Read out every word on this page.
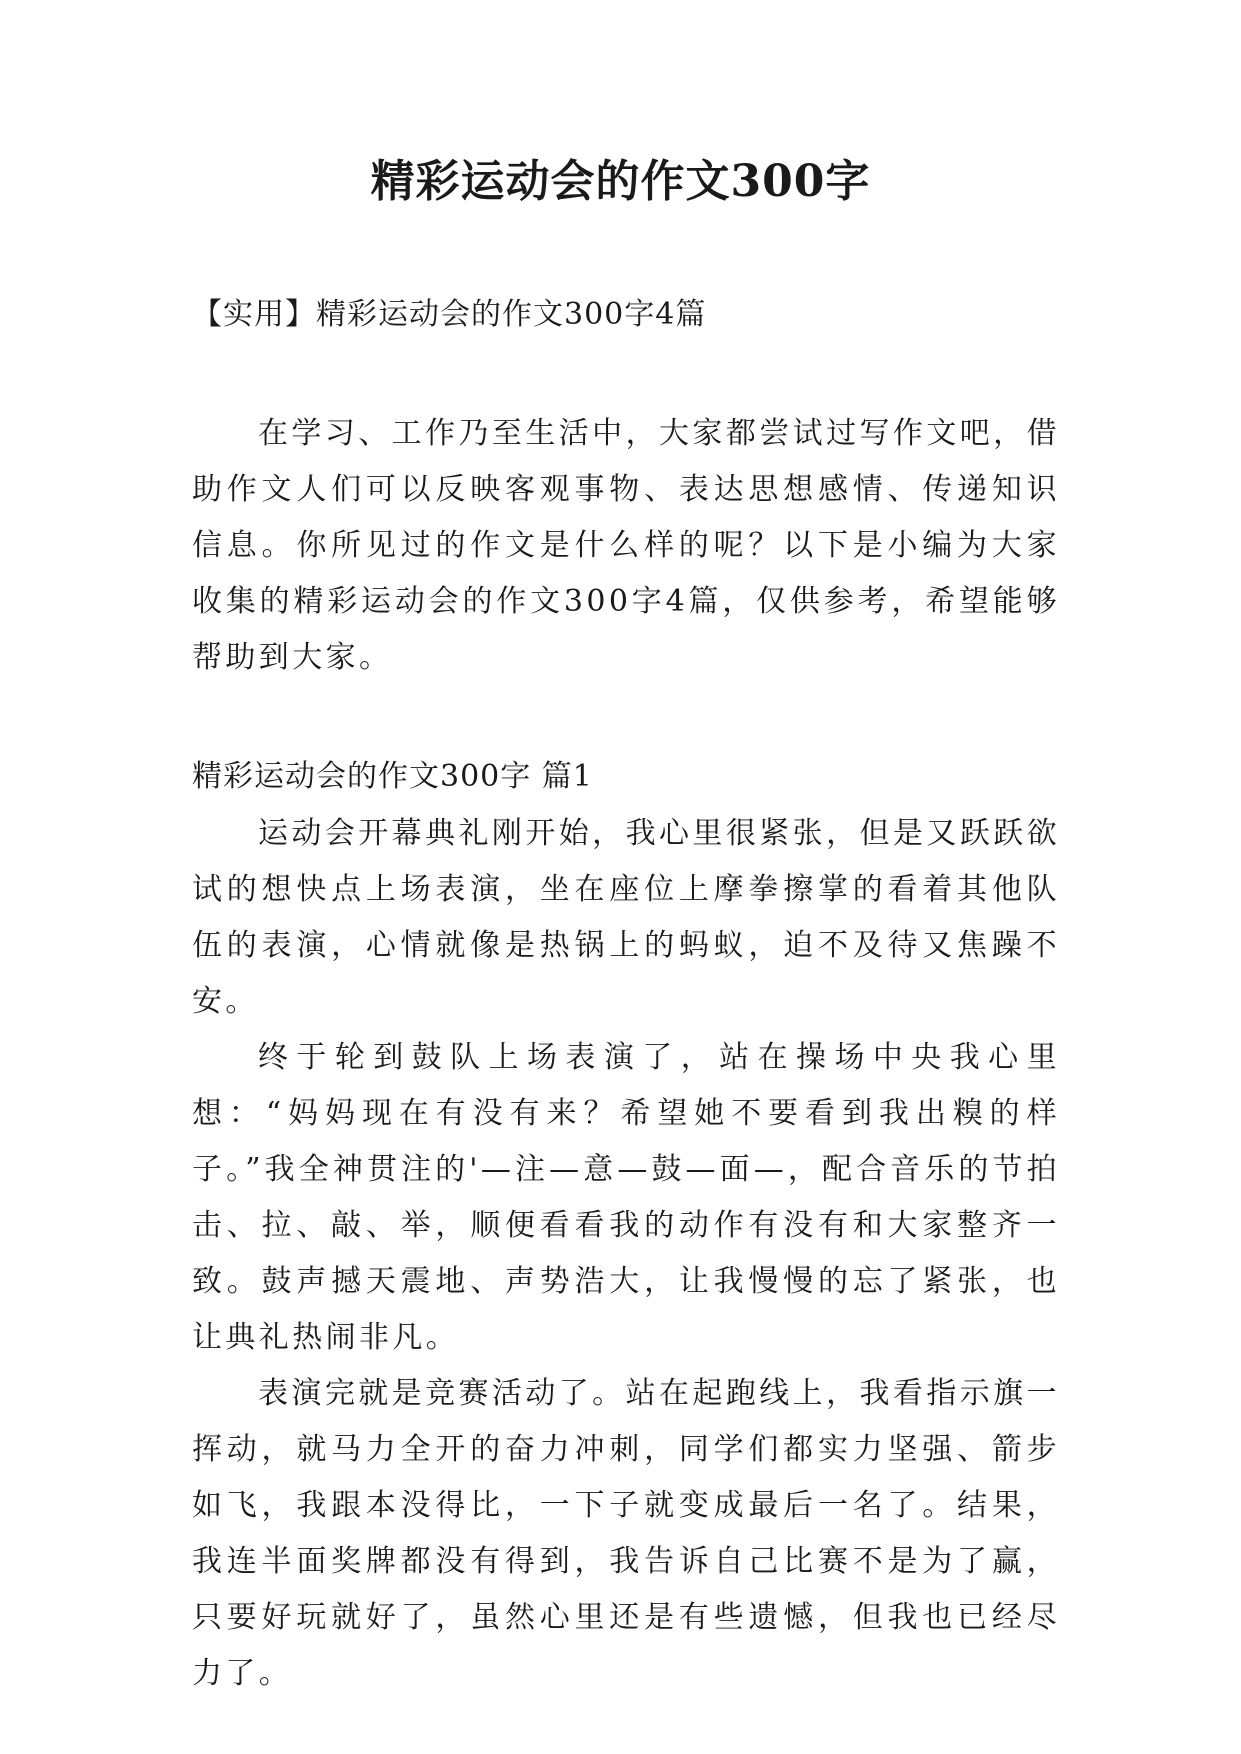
精彩运动会的作文300字
【实用】精彩运动会的作文300字4篇

在学习、工作乃至生活中，大家都尝试过写作文吧，借助作文人们可以反映客观事物、表达思想感情、传递知识信息。你所见过的作文是什么样的呢？以下是小编为大家收集的精彩运动会的作文300字4篇，仅供参考，希望能够帮助到大家。

精彩运动会的作文300字 篇1

运动会开幕典礼刚开始，我心里很紧张，但是又跃跃欲试的想快点上场表演，坐在座位上摩拳擦掌的看着其他队伍的表演，心情就像是热锅上的蚂蚁，迫不及待又焦躁不安。

终于轮到鼓队上场表演了，站在操场中央我心里想：“妈妈现在有没有来？希望她不要看到我出糗的样子。”我全神贯注的'—注—意—鼓—面—，配合音乐的节拍击、拉、敲、举，顺便看看我的动作有没有和大家整齐一致。鼓声撼天震地、声势浩大，让我慢慢的忘了紧张，也让典礼热闹非凡。

表演完就是竞赛活动了。站在起跑线上，我看指示旗一挥动，就马力全开的奋力冲刺，同学们都实力坚强、箭步如飞，我跟本没得比，一下子就变成最后一名了。结果，我连半面奖牌都没有得到，我告诉自己比赛不是为了赢，只要好玩就好了，虽然心里还是有些遗憾，但我也已经尽力了。
